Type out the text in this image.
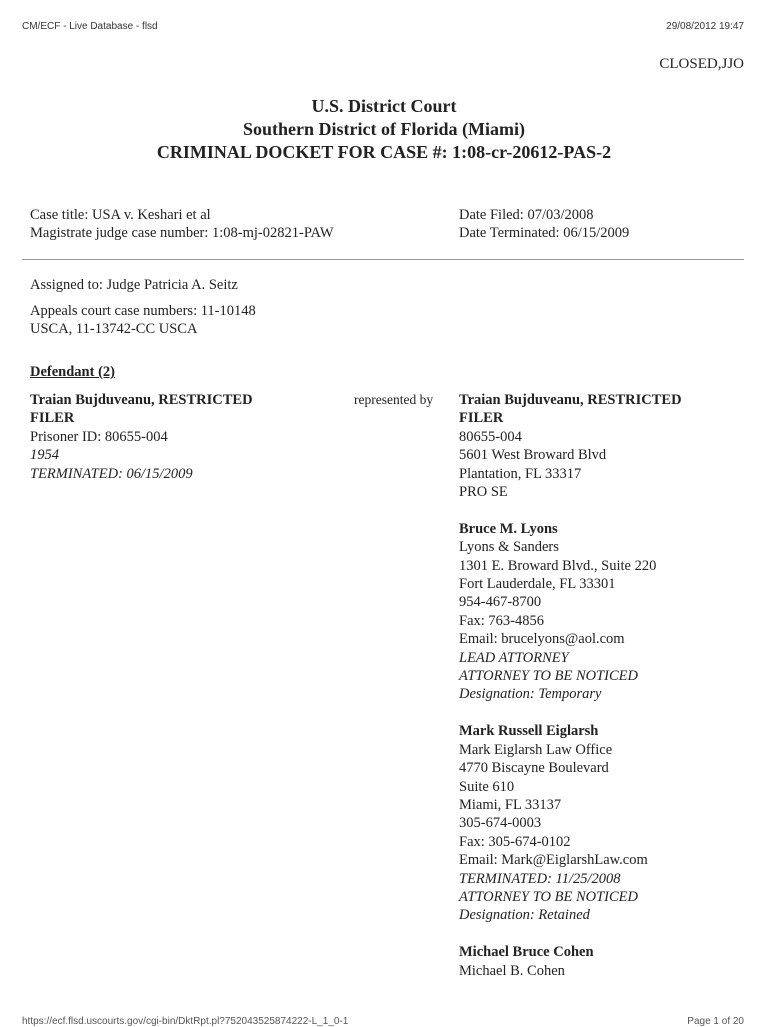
CM/ECF - Live Database - flsd	29/08/2012 19:47
CLOSED,JJO
U.S. District Court
Southern District of Florida (Miami)
CRIMINAL DOCKET FOR CASE #: 1:08-cr-20612-PAS-2
Case title: USA v. Keshari et al
Magistrate judge case number: 1:08-mj-02821-PAW
Date Filed: 07/03/2008
Date Terminated: 06/15/2009
Assigned to: Judge Patricia A. Seitz
Appeals court case numbers: 11-10148
USCA, 11-13742-CC USCA
Defendant (2)
Traian Bujduveanu, RESTRICTED
FILER
Prisoner ID: 80655-004
1954
TERMINATED: 06/15/2009
represented by Traian Bujduveanu, RESTRICTED
FILER
80655-004
5601 West Broward Blvd
Plantation, FL 33317
PRO SE
Bruce M. Lyons
Lyons & Sanders
1301 E. Broward Blvd., Suite 220
Fort Lauderdale, FL 33301
954-467-8700
Fax: 763-4856
Email: brucelyons@aol.com
LEAD ATTORNEY
ATTORNEY TO BE NOTICED
Designation: Temporary
Mark Russell Eiglarsh
Mark Eiglarsh Law Office
4770 Biscayne Boulevard
Suite 610
Miami, FL 33137
305-674-0003
Fax: 305-674-0102
Email: Mark@EiglarshLaw.com
TERMINATED: 11/25/2008
ATTORNEY TO BE NOTICED
Designation: Retained
Michael Bruce Cohen
Michael B. Cohen
https://ecf.flsd.uscourts.gov/cgi-bin/DktRpt.pl?752043525874222-L_1_0-1	Page 1 of 20
